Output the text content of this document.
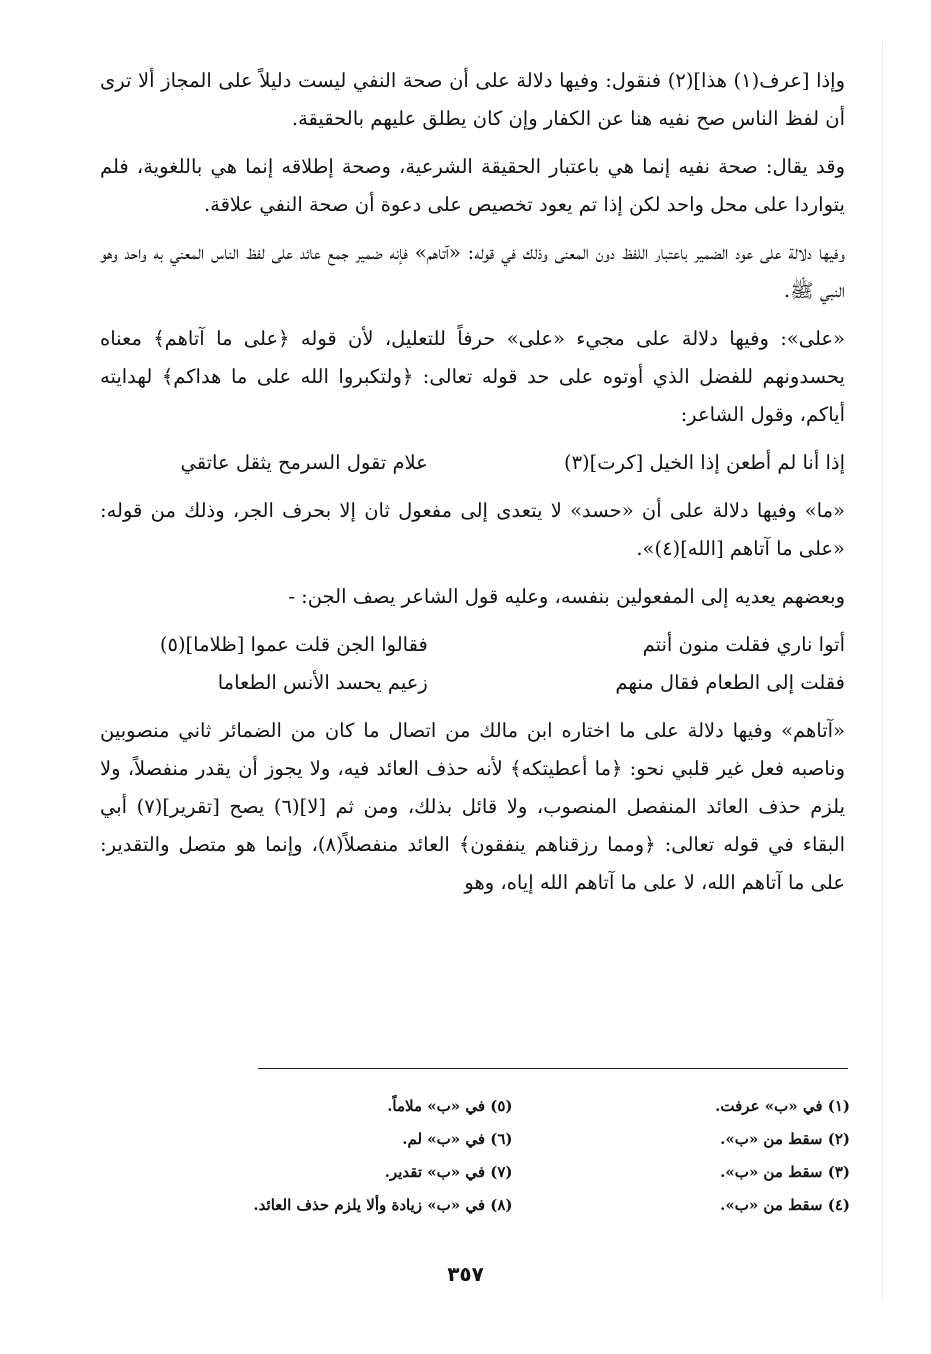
وإذا [عرف(١) هذا](٢) فنقول: وفيها دلالة على أن صحة النفي ليست دليلاً على المجاز ألا ترى أن لفظ الناس صح نفيه هنا عن الكفار وإن كان يطلق عليهم بالحقيقة.

وقد يقال: صحة نفيه إنما هي باعتبار الحقيقة الشرعية، وصحة إطلاقه إنما هي باللغوية، فلم يتواردا على محل واحد لكن إذا تم يعود تخصيص على دعوة أن صحة النفي علاقة.

وفيها دلالة على عود الضمير باعتبار اللفظ دون المعنى وذلك في قوله: «آتاهم» فإنه ضمير جمع عائد على لفظ الناس المعني به واحد وهو النبي ﷺ.

«على»: وفيها دلالة على مجيء «على» حرفاً للتعليل، لأن قوله ﴿على ما آتاهم﴾ معناه يحسدونهم للفضل الذي أوتوه على حد قوله تعالى: ﴿ولتكبروا الله على ما هداكم﴾ لهدايته أياكم، وقول الشاعر:

إذا أنا لم أطعن إذا الخيل [كرت](٣)
علام تقول السرمح يثقل عاتقي

«ما» وفيها دلالة على أن «حسد» لا يتعدى إلى مفعول ثان إلا بحرف الجر، وذلك من قوله: «على ما آتاهم [الله](٤)».

وبعضهم يعديه إلى المفعولين بنفسه، وعليه قول الشاعر يصف الجن: -

أتوا ناري فقلت منون أنتم
فقالوا الجن قلت عموا [ظلاما](٥)
فقلت إلى الطعام فقال منهم
زعيم يحسد الأنس الطعاما

«آتاهم» وفيها دلالة على ما اختاره ابن مالك من اتصال ما كان من الضمائر ثاني منصوبين وناصبه فعل غير قلبي نحو: ﴿ما أعطيتكه﴾ لأنه حذف العائد فيه، ولا يجوز أن يقدر منفصلاً، ولا يلزم حذف العائد المنفصل المنصوب، ولا قائل بذلك، ومن ثم [لا](٦) يصح [تقرير](٧) أبي البقاء في قوله تعالى: ﴿ومما رزقناهم ينفقون﴾ العائد منفصلاً(٨)، وإنما هو متصل والتقدير: على ما آتاهم الله، لا على ما آتاهم الله إياه، وهو

(١) في «ب» عرفت.
(٢) سقط من «ب».
(٣) سقط من «ب».
(٤) سقط من «ب».
(٥) في «ب» ملاماً.
(٦) في «ب» لم.
(٧) في «ب» تقدير.
(٨) في «ب» زيادة وألا يلزم حذف العائد.
٣٥٧
